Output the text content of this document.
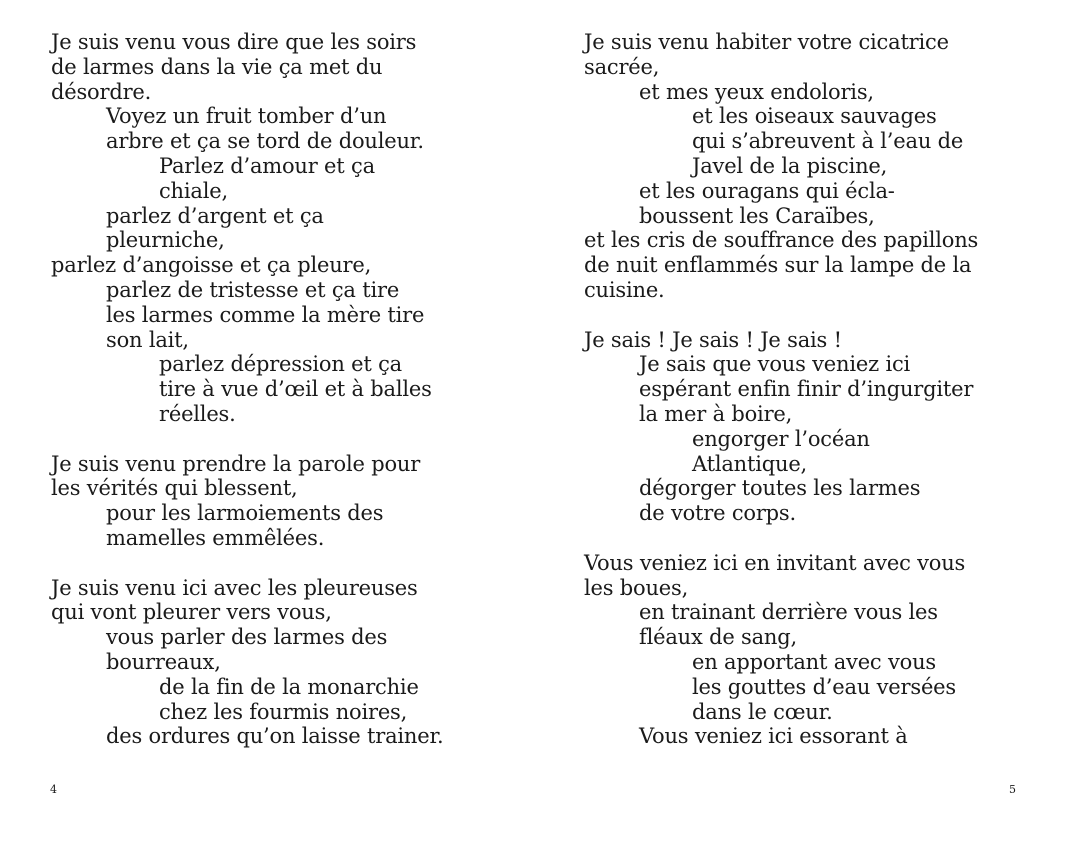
Je suis venu vous dire que les soirs
de larmes dans la vie ça met du
désordre.
Voyez un fruit tomber d’un
arbre et ça se tord de douleur.
Parlez d’amour et ça
chiale,
parlez d’argent et ça
pleurniche,
parlez d’angoisse et ça pleure,
parlez de tristesse et ça tire
les larmes comme la mère tire
son lait,
parlez dépression et ça
tire à vue d’œil et à balles
réelles.
Je suis venu prendre la parole pour
les vérités qui blessent,
pour les larmoiements des
mamelles emmêlées.
Je suis venu ici avec les pleureuses
qui vont pleurer vers vous,
vous parler des larmes des
bourreaux,
de la fin de la monarchie
chez les fourmis noires,
des ordures qu’on laisse trainer.
Je suis venu habiter votre cicatrice
sacrée,
et mes yeux endoloris,
et les oiseaux sauvages
qui s’abreuvent à l’eau de
Javel de la piscine,
et les ouragans qui écla-
boussent les Caraïbes,
et les cris de souffrance des papillons
de nuit enflammés sur la lampe de la
cuisine.
Je sais ! Je sais ! Je sais !
Je sais que vous veniez ici
espérant enfin finir d’ingurgiter
la mer à boire,
engorger l’océan
Atlantique,
dégorger toutes les larmes
de votre corps.
Vous veniez ici en invitant avec vous
les boues,
en trainant derrière vous les
fléaux de sang,
en apportant avec vous
les gouttes d’eau versées
dans le cœur.
Vous veniez ici essorant à
4	5
